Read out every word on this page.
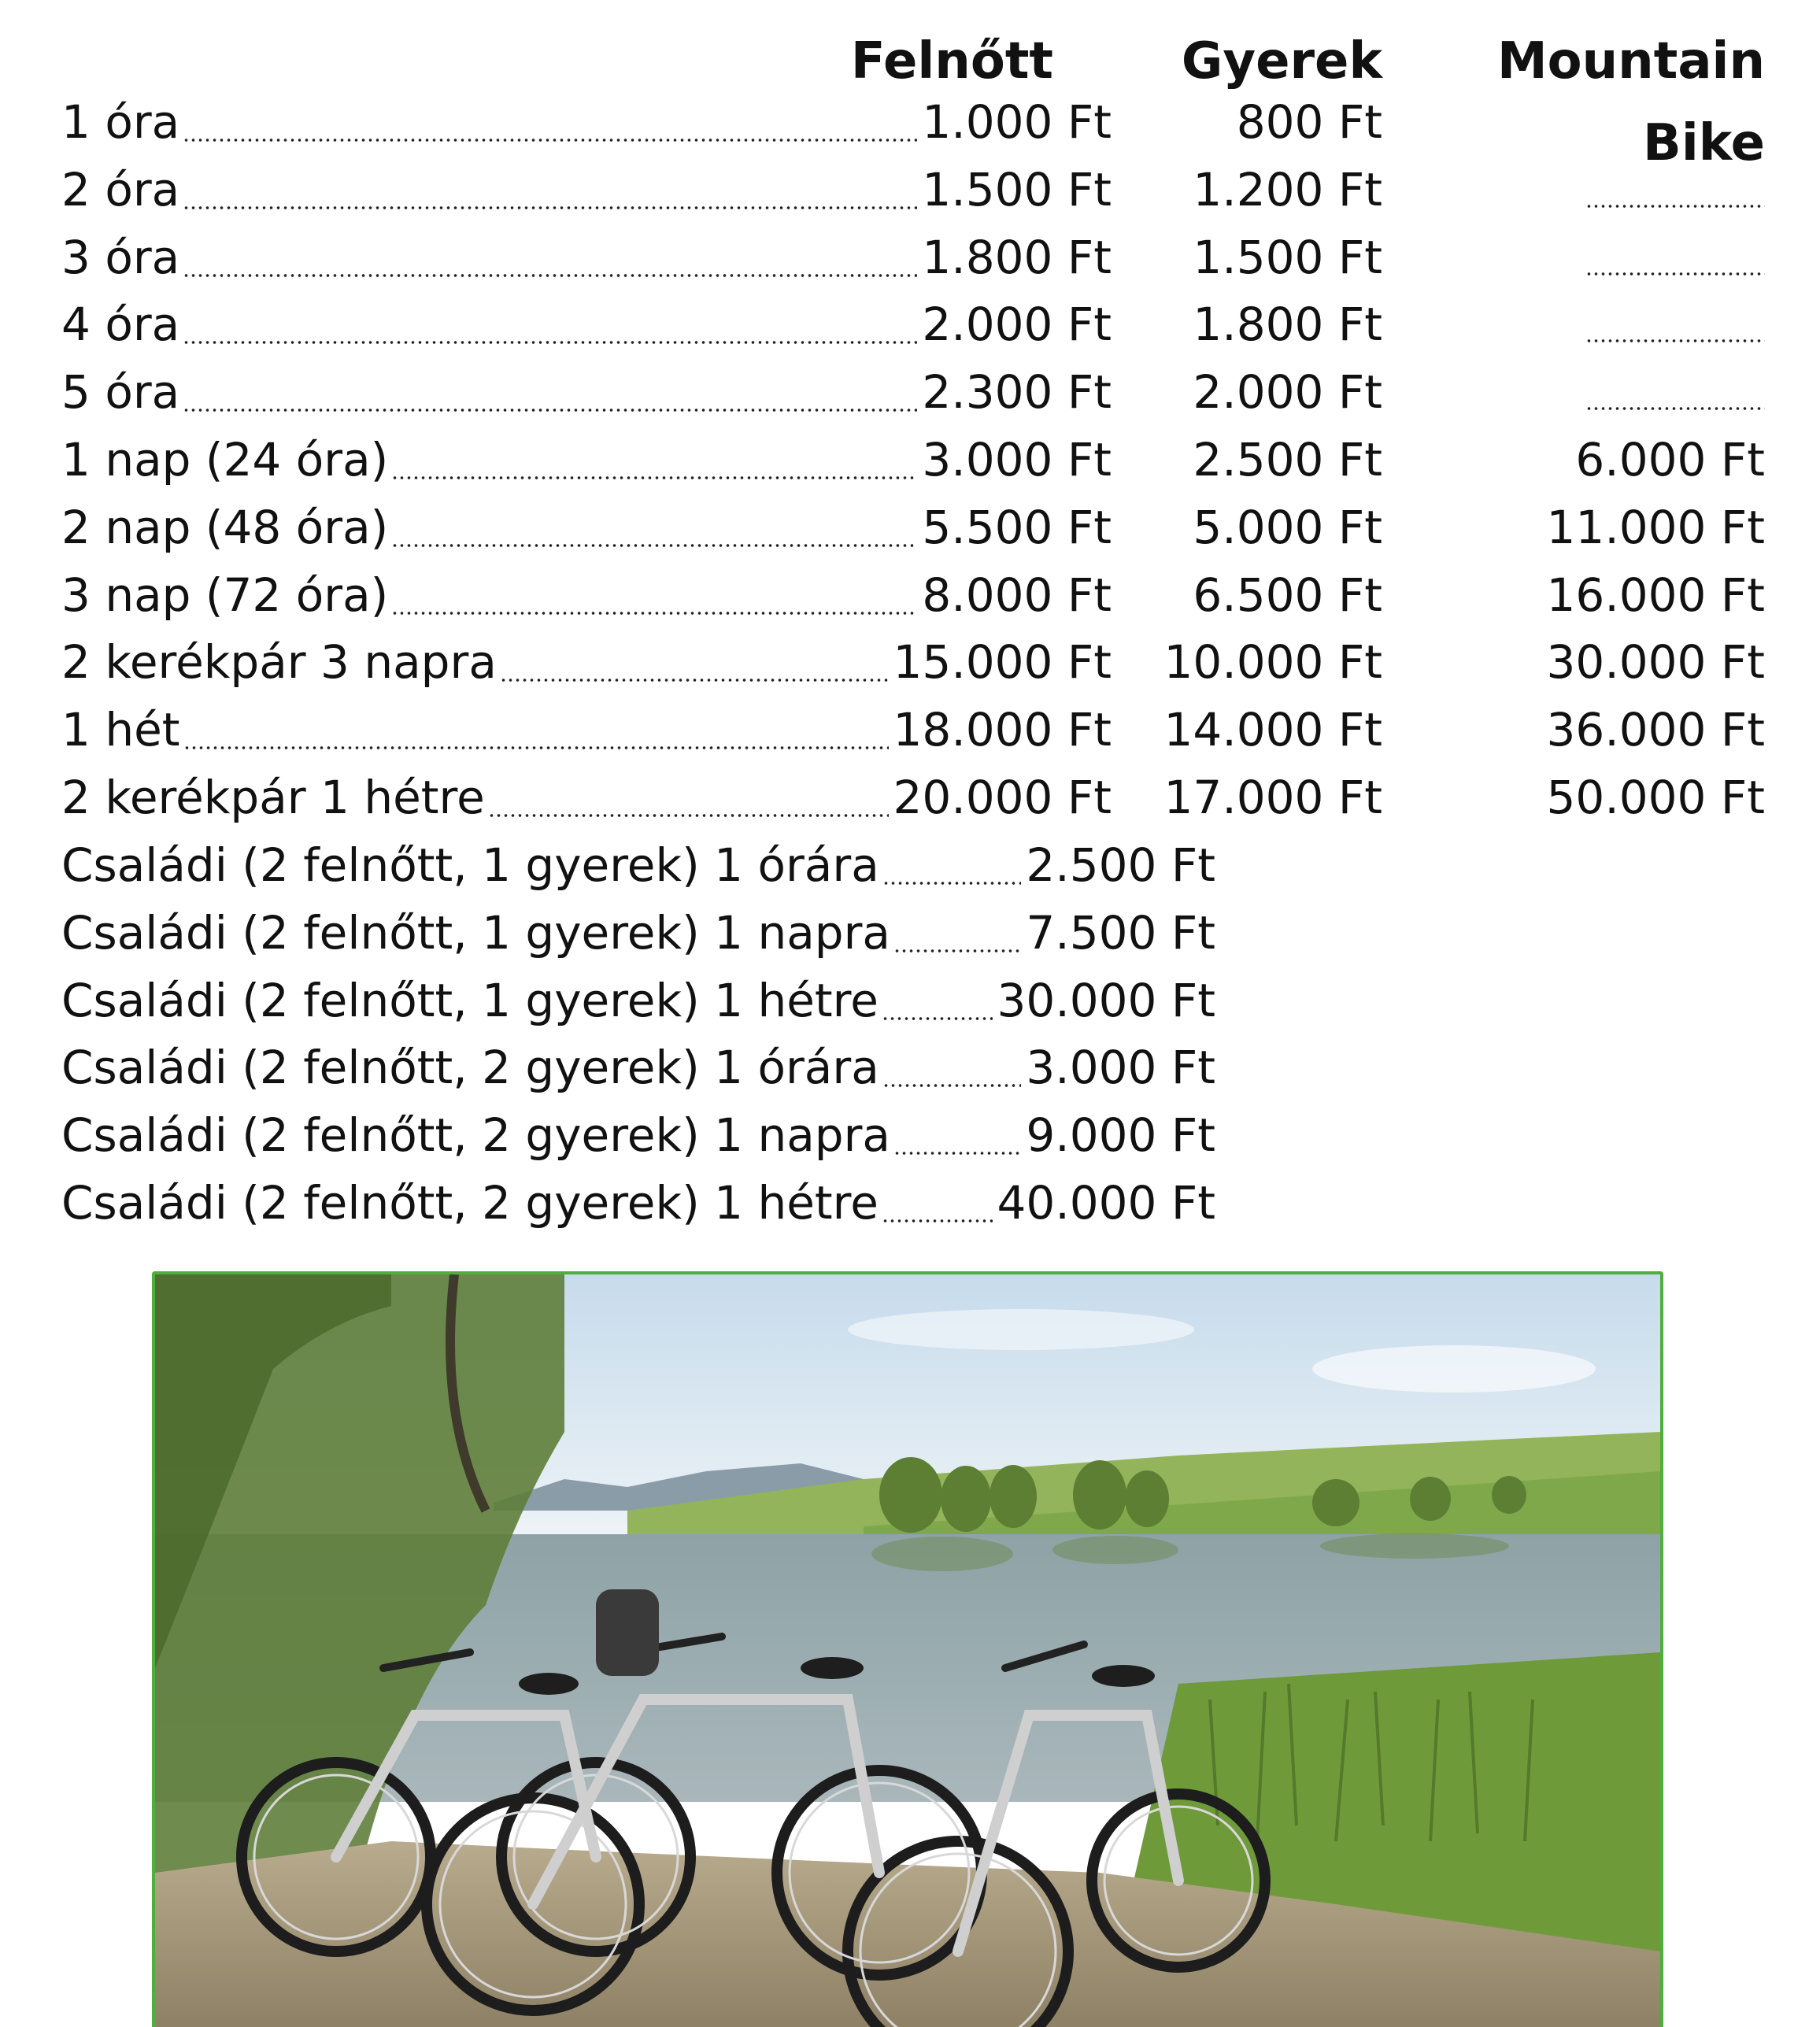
Felnőtt	Gyerek Mountain
Bike
1 óra	1.000 Ft	800 Ft
2 óra	1.500 Ft 1.200 Ft
3 óra	1.800 Ft 1.500 Ft
4 óra	2.000 Ft 1.800 Ft
5 óra	2.300 Ft 2.000 Ft
1 nap (24 óra)	3.000 Ft 2.500 Ft	6.000 Ft
2 nap (48 óra)	5.500 Ft 5.000 Ft	11.000 Ft
3 nap (72 óra)	8.000 Ft 6.500 Ft	16.000 Ft
2 kerékpár 3 napra	15.000 Ft 10.000 Ft	30.000 Ft
1 hét	18.000 Ft 14.000 Ft	36.000 Ft
2 kerékpár 1 hétre	20.000 Ft 17.000 Ft	50.000 Ft
Családi (2 felnőtt, 1 gyerek) 1 órára	2.500 Ft
Családi (2 felnőtt, 1 gyerek) 1 napra	7.500 Ft
Családi (2 felnőtt, 1 gyerek) 1 hétre	30.000 Ft
Családi (2 felnőtt, 2 gyerek) 1 órára	3.000 Ft
Családi (2 felnőtt, 2 gyerek) 1 napra	9.000 Ft
Családi (2 felnőtt, 2 gyerek) 1 hétre	40.000 Ft
